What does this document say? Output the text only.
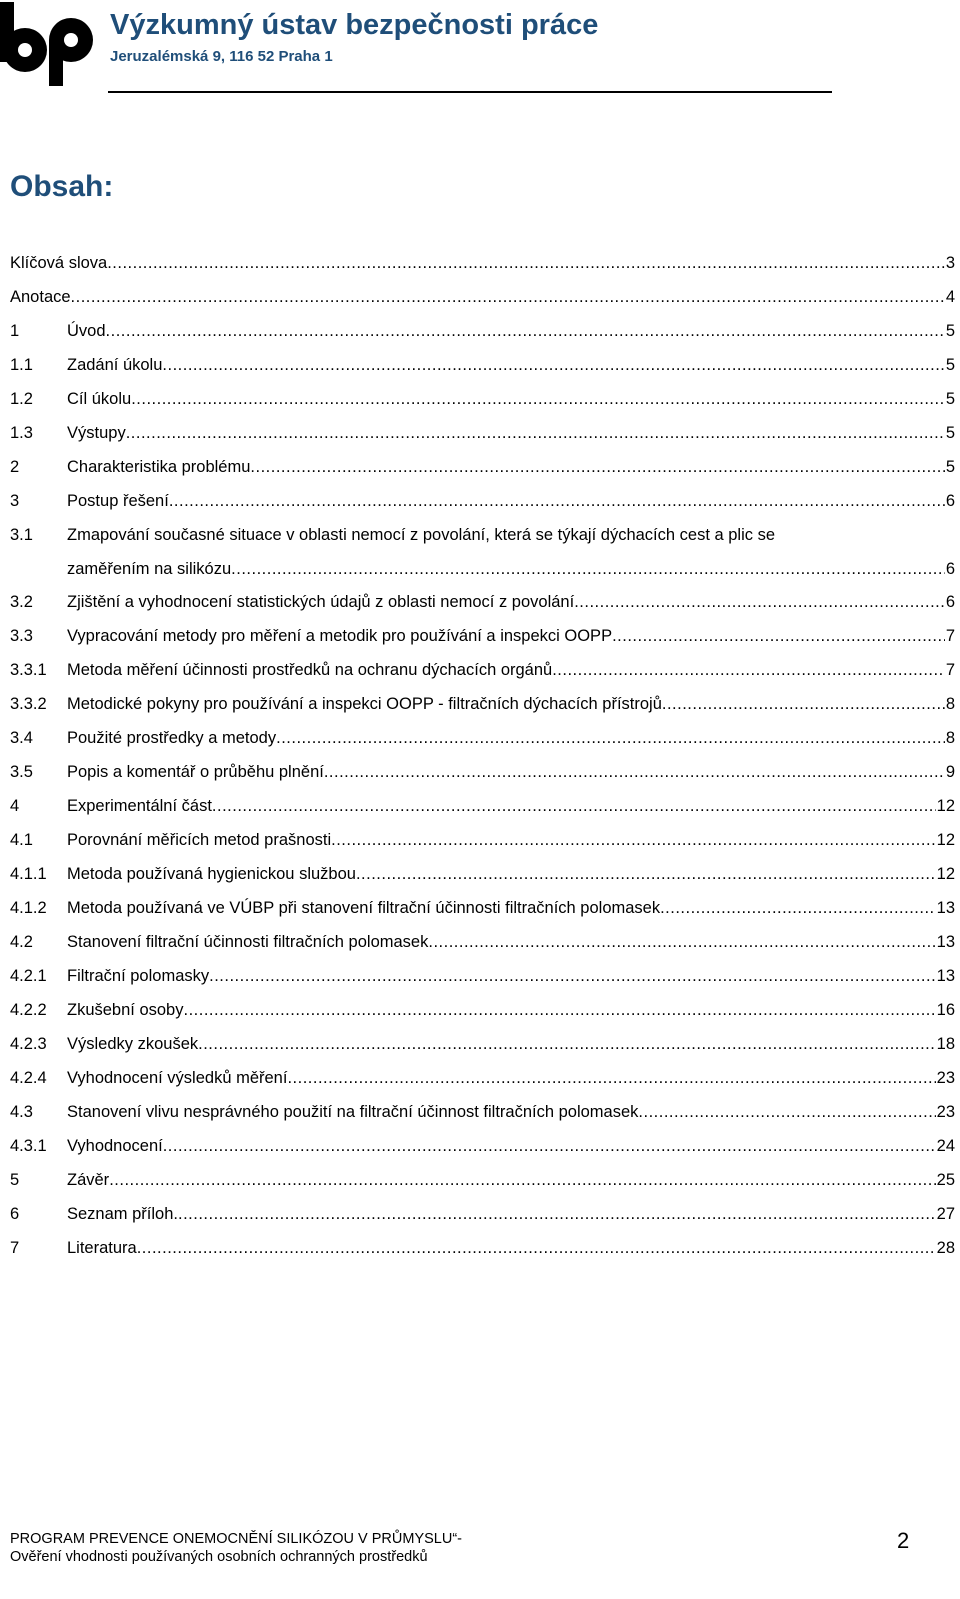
Výzkumný ústav bezpečnosti práce
Jeruzalémská 9, 116 52 Praha 1
Obsah:
Klíčová slova .....	3
Anotace .....	4
1	Úvod .....	5
1.1 Zadání úkolu .....	5
1.2 Cíl úkolu .....	5
1.3 Výstupy .....	5
2	Charakteristika problému .....	5
3	Postup řešení .....	6
3.1 Zmapování současné situace v oblasti nemocí z povolání, která se týkají dýchacích cest a plic se
zaměřením na silikózu .....	6
3.2 Zjištění a vyhodnocení statistických údajů z oblasti nemocí z povolání .....	6
3.3 Vypracování metody pro měření a metodik pro používání a inspekci OOPP .....	7
3.3.1 Metoda měření účinnosti prostředků na ochranu dýchacích orgánů .....	7
3.3.2 Metodické pokyny pro používání a inspekci OOPP - filtračních dýchacích přístrojů .....	8
3.4 Použité prostředky a metody .....	8
3.5 Popis a komentář o průběhu plnění .....	9
4	Experimentální část .....	12
4.1 Porovnání měřicích metod prašnosti .....	12
4.1.1 Metoda používaná hygienickou službou .....	12
4.1.2 Metoda používaná ve VÚBP při stanovení filtrační účinnosti filtračních polomasek .....	13
4.2 Stanovení filtrační účinnosti filtračních polomasek .....	13
4.2.1 Filtrační polomasky .....	13
4.2.2 Zkušební osoby .....	16
4.2.3 Výsledky zkoušek .....	18
4.2.4 Vyhodnocení výsledků měření .....	23
4.3 Stanovení vlivu nesprávného použití na filtrační účinnost filtračních polomasek .....	23
4.3.1 Vyhodnocení .....	24
5	Závěr .....	25
6	Seznam příloh. .....	27
7	Literatura .....	28
PROGRAM PREVENCE ONEMOCNĚNÍ SILIKÓZOU V PRŮMYSLU“-
Ověření vhodnosti používaných osobních ochranných prostředků
2
